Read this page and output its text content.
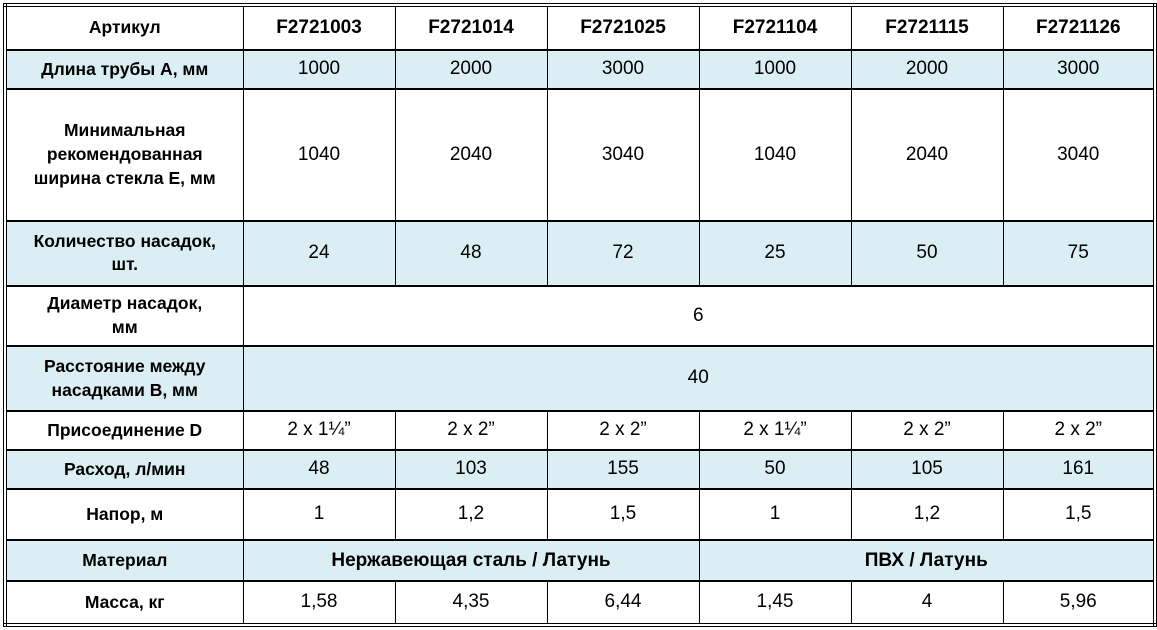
Артикул	F2721003	F2721014	F2721025	F2721104	F2721115	F2721126
Длина трубы А, мм	1000	2000	3000	1000	2000	3000
Минимальная рекомендованная ширина стекла Е, мм	1040	2040	3040	1040	2040	3040
Количество насадок, шт.	24	48	72	25	50	75
Диаметр насадок, мм	6					
Расстояние между насадками В, мм	40					
Присоединение D	2 x 1¼”	2 x 2”	2 x 2”	2 x 1¼”	2 x 2”	2 x 2”
Расход, л/мин	48	103	155	50	105	161
Напор, м	1	1,2	1,5	1	1,2	1,5
Материал	Нержавеющая сталь / Латунь			ПВХ / Латунь		
Масса, кг	1,58	4,35	6,44	1,45	4	5,96
